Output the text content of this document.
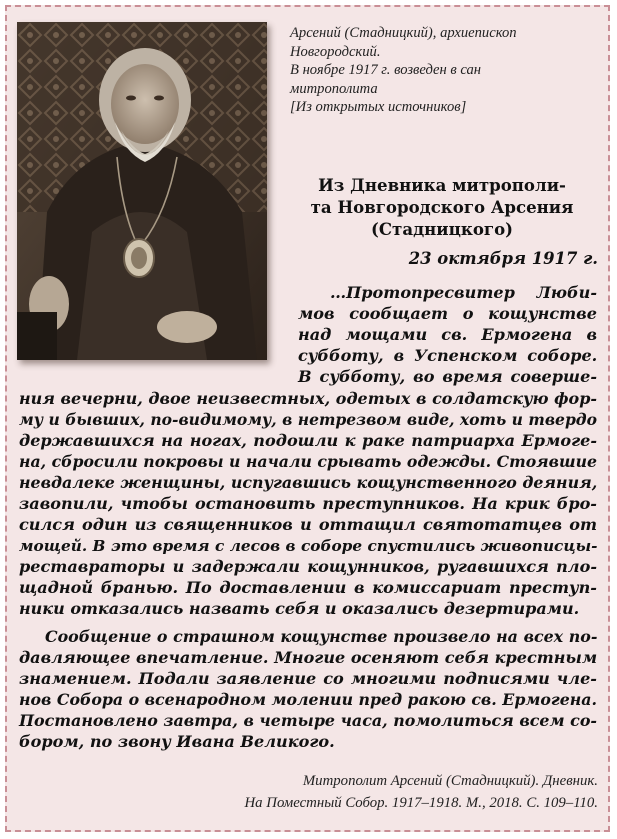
Арсений (Стадницкий), архиепископ
Новгородский.
В ноябре 1917 г. возведен в сан
митрополита
[Из открытых источников]
Из Дневника митрополи-
та Новгородского Арсения
(Стадницкого)
23 октября 1917 г.
…Протопресвитер Люби-
мов сообщает о кощунстве
над мощами св. Ермогена в
субботу, в Успенском соборе.
В субботу, во время соверше-
ния вечерни, двое неизвестных, одетых в солдатскую фор-
му и бывших, по-видимому, в нетрезвом виде, хоть и твердо
державшихся на ногах, подошли к раке патриарха Ермоге-
на, сбросили покровы и начали срывать одежды. Стоявшие
невдалеке женщины, испугавшись кощунственного деяния,
завопили, чтобы остановить преступников. На крик бро-
сился один из священников и оттащил святотатцев от
мощей. В это время с лесов в соборе спустились живописцы-
реставраторы и задержали кощунников, ругавшихся пло-
щадной бранью. По доставлении в комиссариат преступ-
ники отказались назвать себя и оказались дезертирами.
Сообщение о страшном кощунстве произвело на всех по-
давляющее впечатление. Многие осеняют себя крестным
знамением. Подали заявление со многими подписями чле-
нов Собора о всенародном молении пред ракою св. Ермогена.
Постановлено завтра, в четыре часа, помолиться всем со-
бором, по звону Ивана Великого.
Митрополит Арсений (Стадницкий). Дневник.
На Поместный Собор. 1917–1918. М., 2018. С. 109–110.
